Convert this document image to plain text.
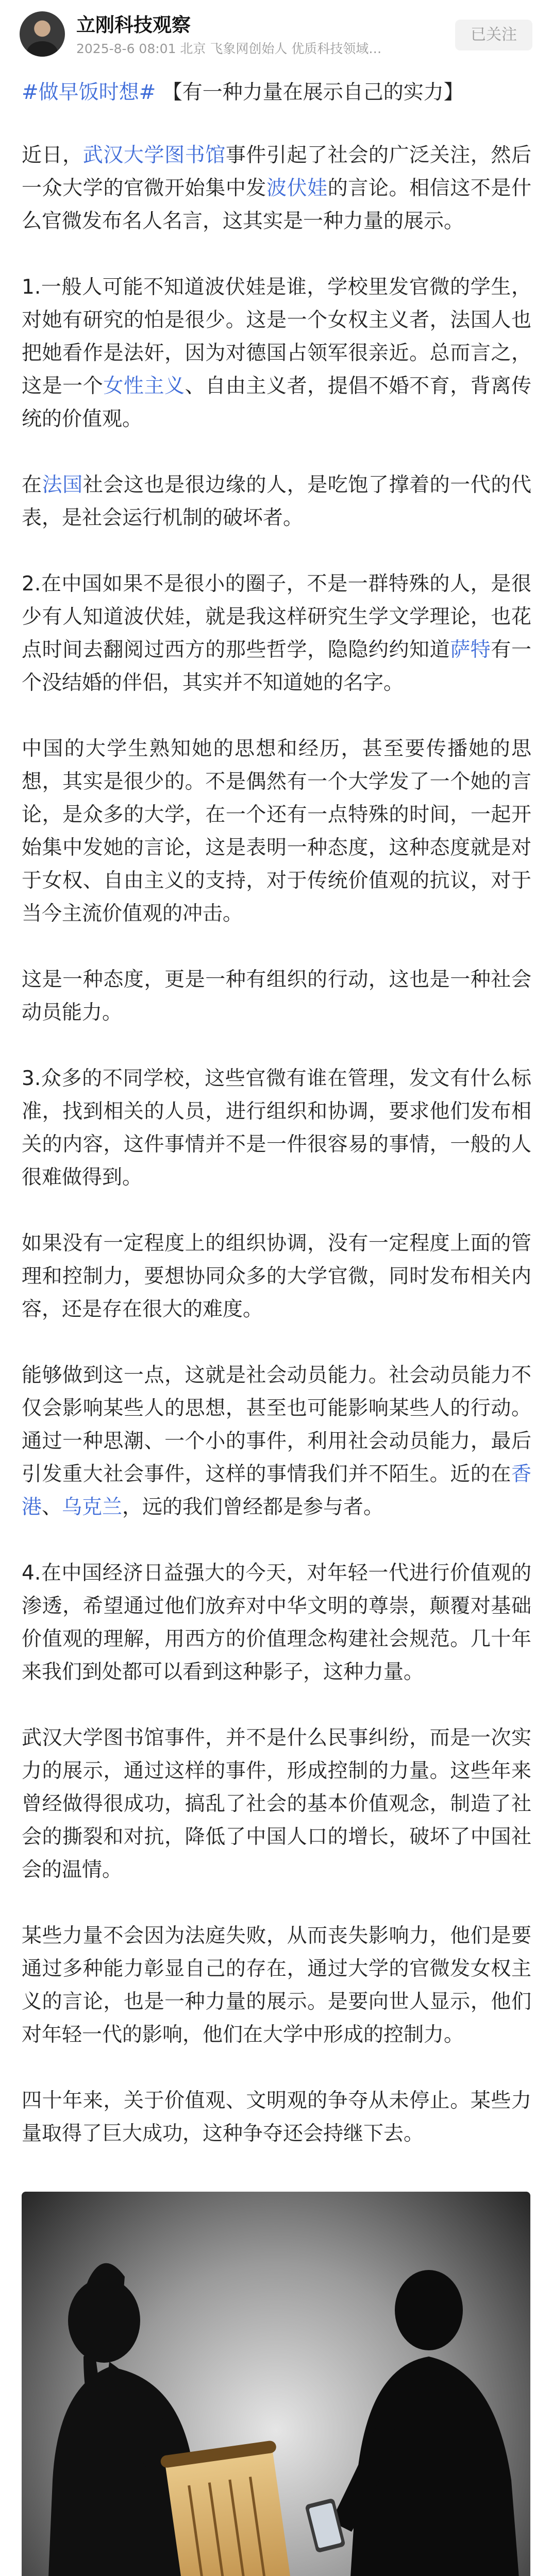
立刚科技观察
2025-8-6 08:01 北京 飞象网创始人 优质科技领域…
已关注
#做早饭时想# 【有一种力量在展示自己的实力】

近日，武汉大学图书馆事件引起了社会的广泛关注，然后一众大学的官微开始集中发波伏娃的言论。相信这不是什么官微发布名人名言，这其实是一种力量的展示。

1.一般人可能不知道波伏娃是谁，学校里发官微的学生，对她有研究的怕是很少。这是一个女权主义者，法国人也把她看作是法奸，因为对德国占领军很亲近。总而言之，这是一个女性主义、自由主义者，提倡不婚不育，背离传统的价值观。

在法国社会这也是很边缘的人，是吃饱了撑着的一代的代表，是社会运行机制的破坏者。

2.在中国如果不是很小的圈子，不是一群特殊的人，是很少有人知道波伏娃，就是我这样研究生学文学理论，也花点时间去翻阅过西方的那些哲学，隐隐约约知道萨特有一个没结婚的伴侣，其实并不知道她的名字。

中国的大学生熟知她的思想和经历，甚至要传播她的思想，其实是很少的。不是偶然有一个大学发了一个她的言论，是众多的大学，在一个还有一点特殊的时间，一起开始集中发她的言论，这是表明一种态度，这种态度就是对于女权、自由主义的支持，对于传统价值观的抗议，对于当今主流价值观的冲击。

这是一种态度，更是一种有组织的行动，这也是一种社会动员能力。

3.众多的不同学校，这些官微有谁在管理，发文有什么标准，找到相关的人员，进行组织和协调，要求他们发布相关的内容，这件事情并不是一件很容易的事情，一般的人很难做得到。

如果没有一定程度上的组织协调，没有一定程度上面的管理和控制力，要想协同众多的大学官微，同时发布相关内容，还是存在很大的难度。

能够做到这一点，这就是社会动员能力。社会动员能力不仅会影响某些人的思想，甚至也可能影响某些人的行动。通过一种思潮、一个小的事件，利用社会动员能力，最后引发重大社会事件，这样的事情我们并不陌生。近的在香港、乌克兰，远的我们曾经都是参与者。

4.在中国经济日益强大的今天，对年轻一代进行价值观的渗透，希望通过他们放弃对中华文明的尊崇，颠覆对基础价值观的理解，用西方的价值理念构建社会规范。几十年来我们到处都可以看到这种影子，这种力量。

武汉大学图书馆事件，并不是什么民事纠纷，而是一次实力的展示，通过这样的事件，形成控制的力量。这些年来曾经做得很成功，搞乱了社会的基本价值观念，制造了社会的撕裂和对抗，降低了中国人口的增长，破坏了中国社会的温情。

某些力量不会因为法庭失败，从而丧失影响力，他们是要通过多种能力彰显自己的存在，通过大学的官微发女权主义的言论，也是一种力量的展示。是要向世人显示，他们对年轻一代的影响，他们在大学中形成的控制力。

四十年来，关于价值观、文明观的争夺从未停止。某些力量取得了巨大成功，这种争夺还会持继下去。
